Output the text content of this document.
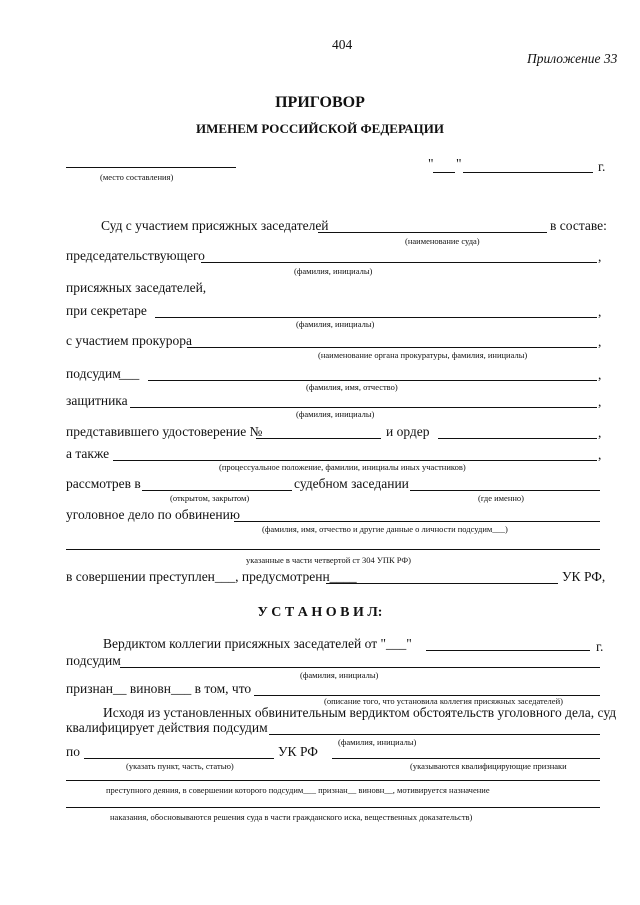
404
Приложение 33
ПРИГОВОР
ИМЕНЕМ РОССИЙСКОЙ ФЕДЕРАЦИИ
(место составления)
" "	г.
Суд с участием присяжных заседателей	в составе:
(наименование суда)
председательствующего	,
(фамилия, инициалы)
присяжных заседателей,
при секретаре	,
(фамилия, инициалы)
с участием прокурора	,
(наименование органа прокуратуры, фамилия, инициалы)
подсудим
___	,
(фамилия, имя, отчество)
защитника	,
(фамилия, инициалы)
представившего удостоверение №	и ордер	,
а также	,
(процессуальное положение, фамилии, инициалы иных участников)
рассмотрев в	судебном заседании
(открытом, закрытом)	(где именно)
уголовное дело по обвинению
(фамилия, имя, отчество и другие данные о личности подсудим___)
указанные в части четвертой ст 304 УПК РФ)
в совершении преступлен___, предусмотренн____	УК РФ,
У С Т А Н О В И Л:
Вердиктом коллегии присяжных заседателей от "___"	г.
подсудим
(фамилия, инициалы)
признан__ виновн___ в том, что
(описание того, что установила коллегия присяжных заседателей)
Исходя из установленных обвинительным вердиктом обстоятельств уголовного дела, суд
квалифицирует действия подсудим
(фамилия, инициалы)
по	УК РФ
(указать пункт, часть, статью)	(указываются квалифицирующие признаки
преступного деяния, в совершении которого подсудим___ признан__ виновн__, мотивируется назначение
наказания, обосновываются решения суда в части гражданского иска, вещественных доказательств)
